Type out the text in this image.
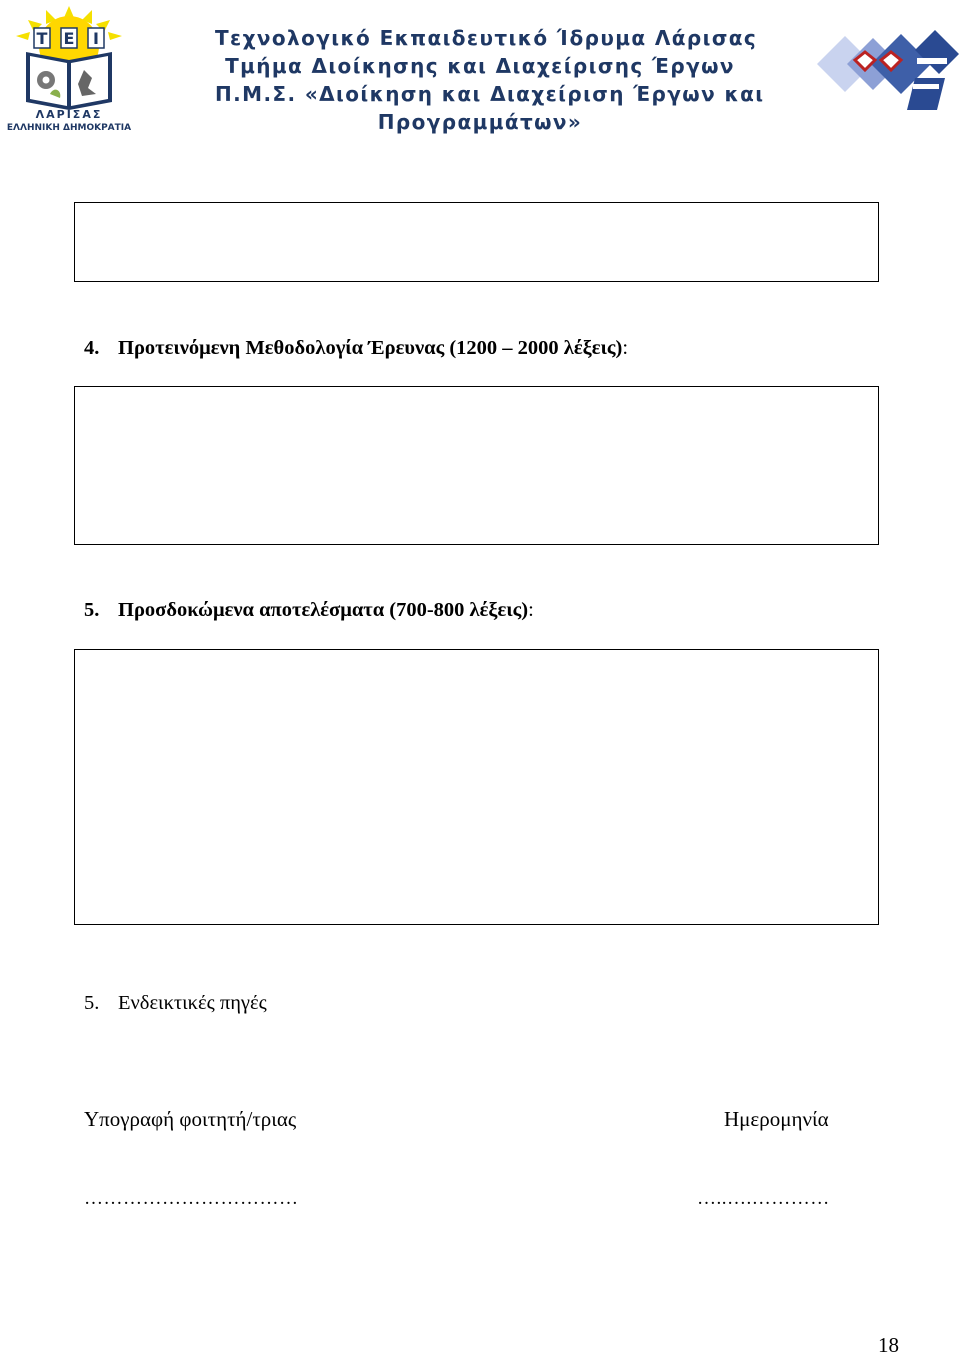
Τ Ε Ι
ΛΑΡΙΣΑΣ
ΕΛΛΗΝΙΚΗ ΔΗΜΟΚΡΑΤΙΑ
Τεχνολογικό Εκπαιδευτικό Ίδρυμα Λάρισας
Τμήμα Διοίκησης και Διαχείρισης Έργων
Π.Μ.Σ. «Διοίκηση και Διαχείριση Έργων και
Προγραμμάτων»
4. Προτεινόμενη Μεθοδολογία Έρευνας (1200 – 2000 λέξεις):
5. Προσδοκώμενα αποτελέσματα (700-800 λέξεις):
5. Ενδεικτικές πηγές
Υπογραφή φοιτητή/τριας	Ημερομηνία
……………………………	…..….…………
18
